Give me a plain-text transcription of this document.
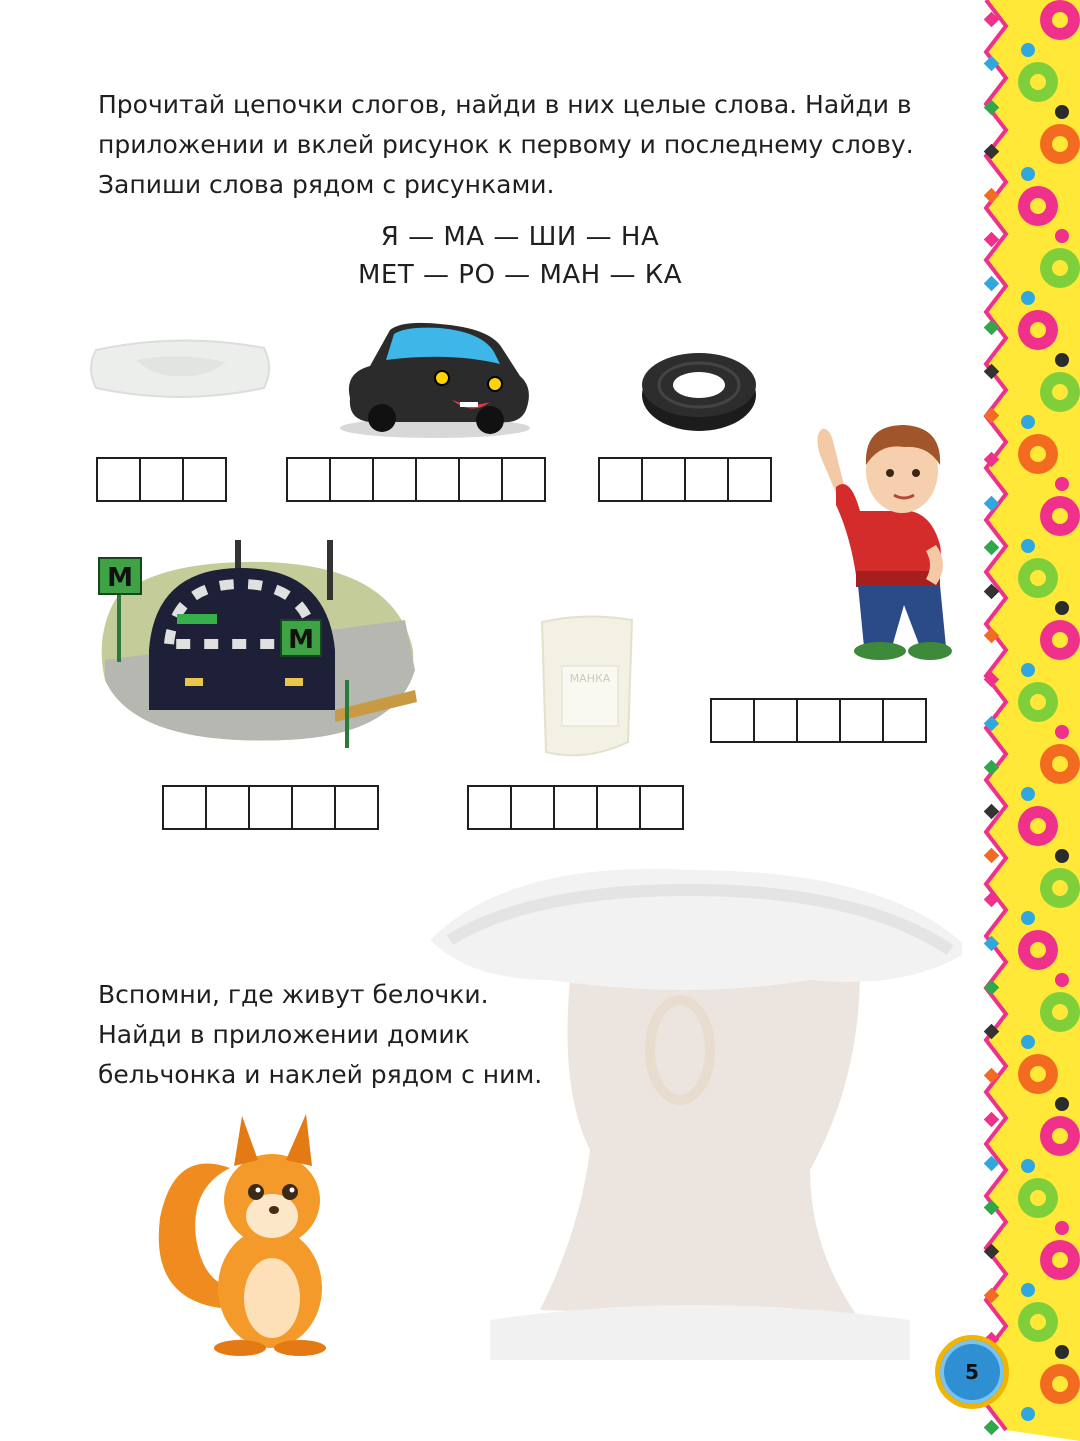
Прочитай цепочки слогов, найди в них целые слова. Найди в приложении и вклей рисунок к первому и последнему слову. Запиши слова рядом с рисунками.
Я — МА — ШИ — НА
МЕТ — РО — МАН — КА
М
М
МАНКА
Вспомни, где живут белочки.
Найди в приложении домик
бельчонка и наклей рядом с ним.
5
